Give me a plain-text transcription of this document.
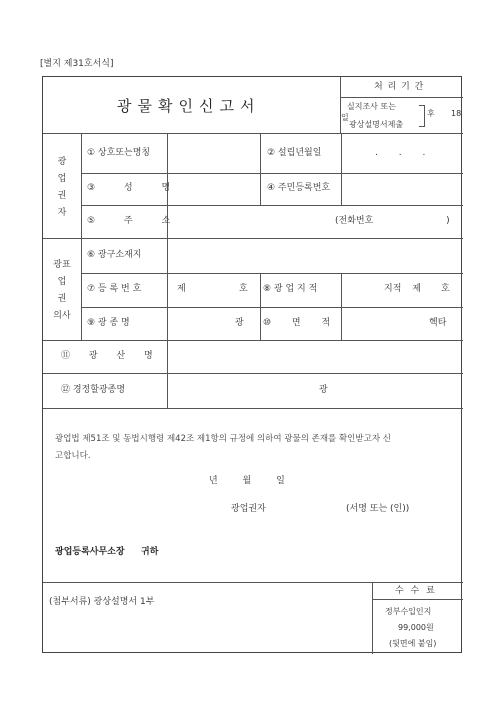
[별지 제31호서식]
광물확인신고서
처 리 기 간
실지조사 또는
일
광상설명서제출
후 18
광
업
권
자
광표
업
권
의사
① 상호또는명칭	② 설립년월일	. . .
③ 성 명	④ 주민등록번호
⑤ 주 소	(전화번호 )
⑥ 광구소재지
⑦ 등 록 번 호	제	호 ⑧ 광 업 지 적	지적 제 호
⑨ 광 종 명	광 ⑩ 면 적	헥타
⑪ 광 산 명
⑫ 경정할광종명	광
광업법 제51조 및 동법시행령 제42조 제1항의 규정에 의하여 광물의 존재를 확인받고자 신
고합니다.
년 월 일
광업권자	(서명 또는 (인))
광업등록사무소장 귀하
(첨부서류) 광상설명서 1부
수 수 료
정부수입인지
99,000원
(뒷면에 붙임)
